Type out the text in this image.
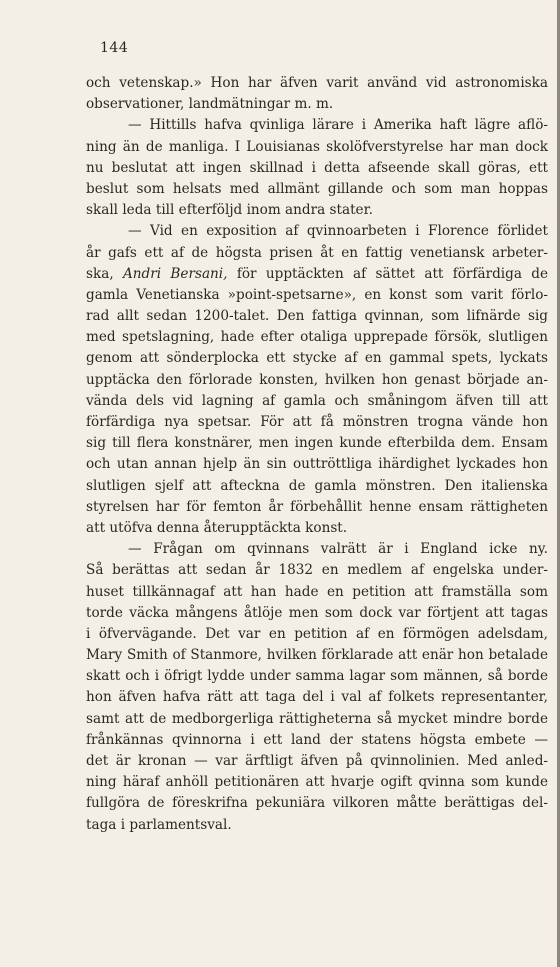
144
och vetenskap.» Hon har äfven varit använd vid astronomiska
observationer, landmätningar m. m.
— Hittills hafva qvinliga lärare i Amerika haft lägre aflö-
ning än de manliga. I Louisianas skolöfverstyrelse har man dock
nu beslutat att ingen skillnad i detta afseende skall göras, ett
beslut som helsats med allmänt gillande och som man hoppas
skall leda till efterföljd inom andra stater.
— Vid en exposition af qvinnoarbeten i Florence förlidet
år gafs ett af de högsta prisen åt en fattig venetiansk arbeter-
ska, Andri Bersani, för upptäckten af sättet att förfärdiga de
gamla Venetianska »point-spetsarne», en konst som varit förlo-
rad allt sedan 1200-talet. Den fattiga qvinnan, som lifnärde sig
med spetslagning, hade efter otaliga upprepade försök, slutligen
genom att sönderplocka ett stycke af en gammal spets, lyckats
upptäcka den förlorade konsten, hvilken hon genast började an-
vända dels vid lagning af gamla och småningom äfven till att
förfärdiga nya spetsar. För att få mönstren trogna vände hon
sig till flera konstnärer, men ingen kunde efterbilda dem. Ensam
och utan annan hjelp än sin outtröttliga ihärdighet lyckades hon
slutligen sjelf att afteckna de gamla mönstren. Den italienska
styrelsen har för femton år förbehållit henne ensam rättigheten
att utöfva denna återupptäckta konst.
— Frågan om qvinnans valrätt är i England icke ny.
Så berättas att sedan år 1832 en medlem af engelska under-
huset tillkännagaf att han hade en petition att framställa som
torde väcka mångens åtlöje men som dock var förtjent att tagas
i öfvervägande. Det var en petition af en förmögen adelsdam,
Mary Smith of Stanmore, hvilken förklarade att enär hon betalade
skatt och i öfrigt lydde under samma lagar som männen, så borde
hon äfven hafva rätt att taga del i val af folkets representanter,
samt att de medborgerliga rättigheterna så mycket mindre borde
frånkännas qvinnorna i ett land der statens högsta embete —
det är kronan — var ärftligt äfven på qvinnolinien. Med anled-
ning häraf anhöll petitionären att hvarje ogift qvinna som kunde
fullgöra de föreskrifna pekuniära vilkoren måtte berättigas del-
taga i parlamentsval.
